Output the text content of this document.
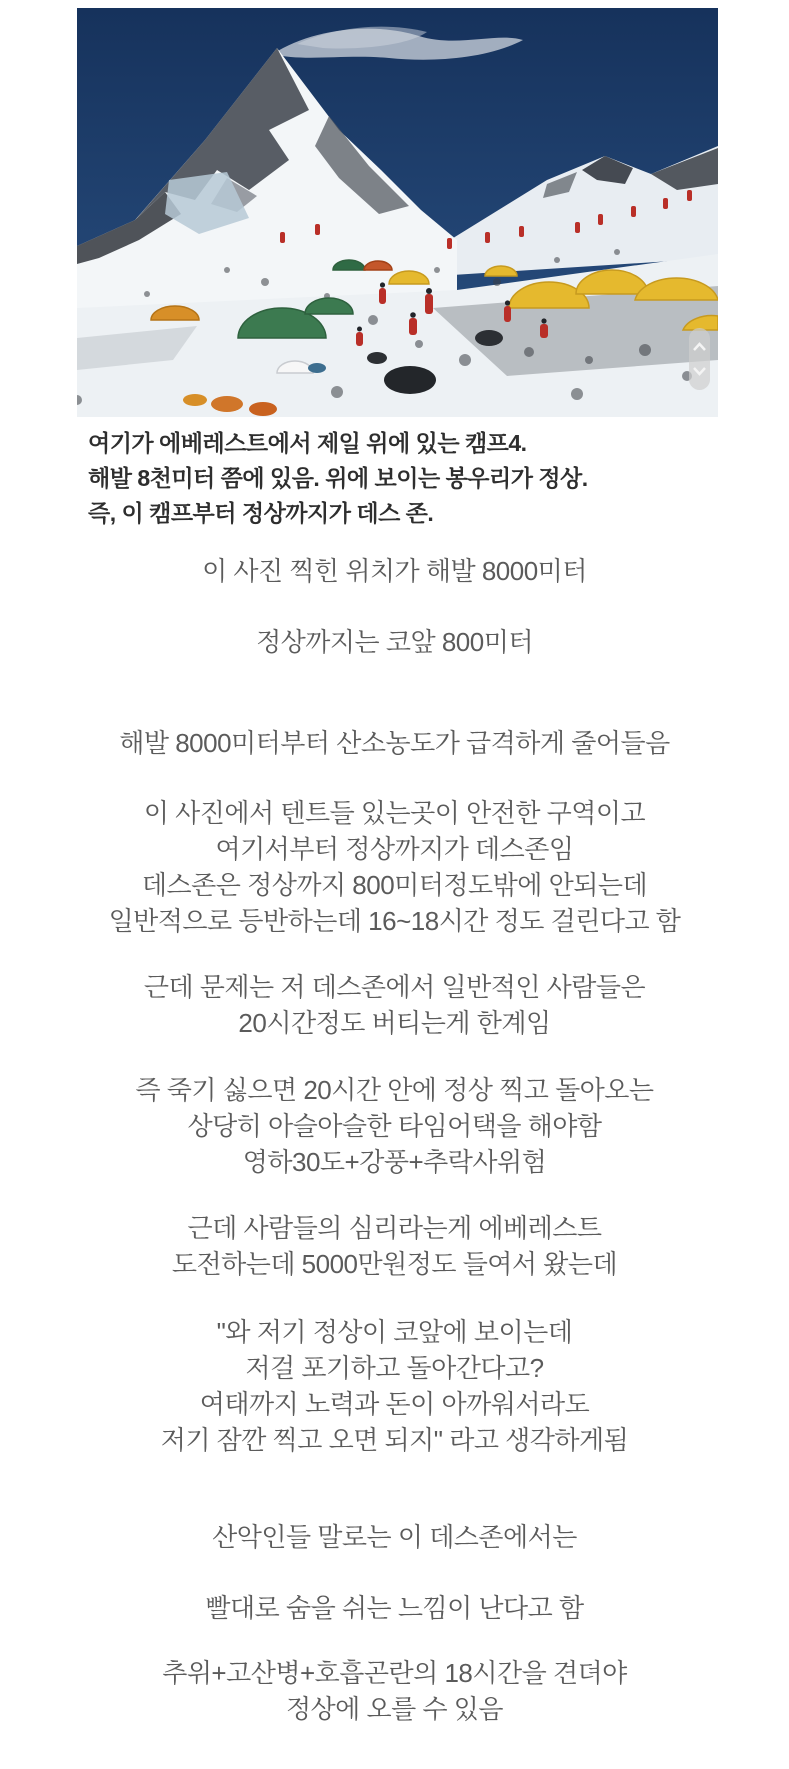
여기가 에베레스트에서 제일 위에 있는 캠프4.
해발 8천미터 쯤에 있음. 위에 보이는 봉우리가 정상.
즉, 이 캠프부터 정상까지가 데스 존.

이 사진 찍힌 위치가 해발 8000미터

정상까지는 코앞 800미터

해발 8000미터부터 산소농도가 급격하게 줄어들음

이 사진에서 텐트들 있는곳이 안전한 구역이고
여기서부터 정상까지가 데스존임
데스존은 정상까지 800미터정도밖에 안되는데
일반적으로 등반하는데 16~18시간 정도 걸린다고 함

근데 문제는 저 데스존에서 일반적인 사람들은
20시간정도 버티는게 한계임

즉 죽기 싫으면 20시간 안에 정상 찍고 돌아오는
상당히 아슬아슬한 타임어택을 해야함
영하30도+강풍+추락사위험

근데 사람들의 심리라는게 에베레스트
도전하는데 5000만원정도 들여서 왔는데

"와 저기 정상이 코앞에 보이는데
저걸 포기하고 돌아간다고?
여태까지 노력과 돈이 아까워서라도
저기 잠깐 찍고 오면 되지" 라고 생각하게됨

산악인들 말로는 이 데스존에서는

빨대로 숨을 쉬는 느낌이 난다고 함

추위+고산병+호흡곤란의 18시간을 견뎌야
정상에 오를 수 있음
